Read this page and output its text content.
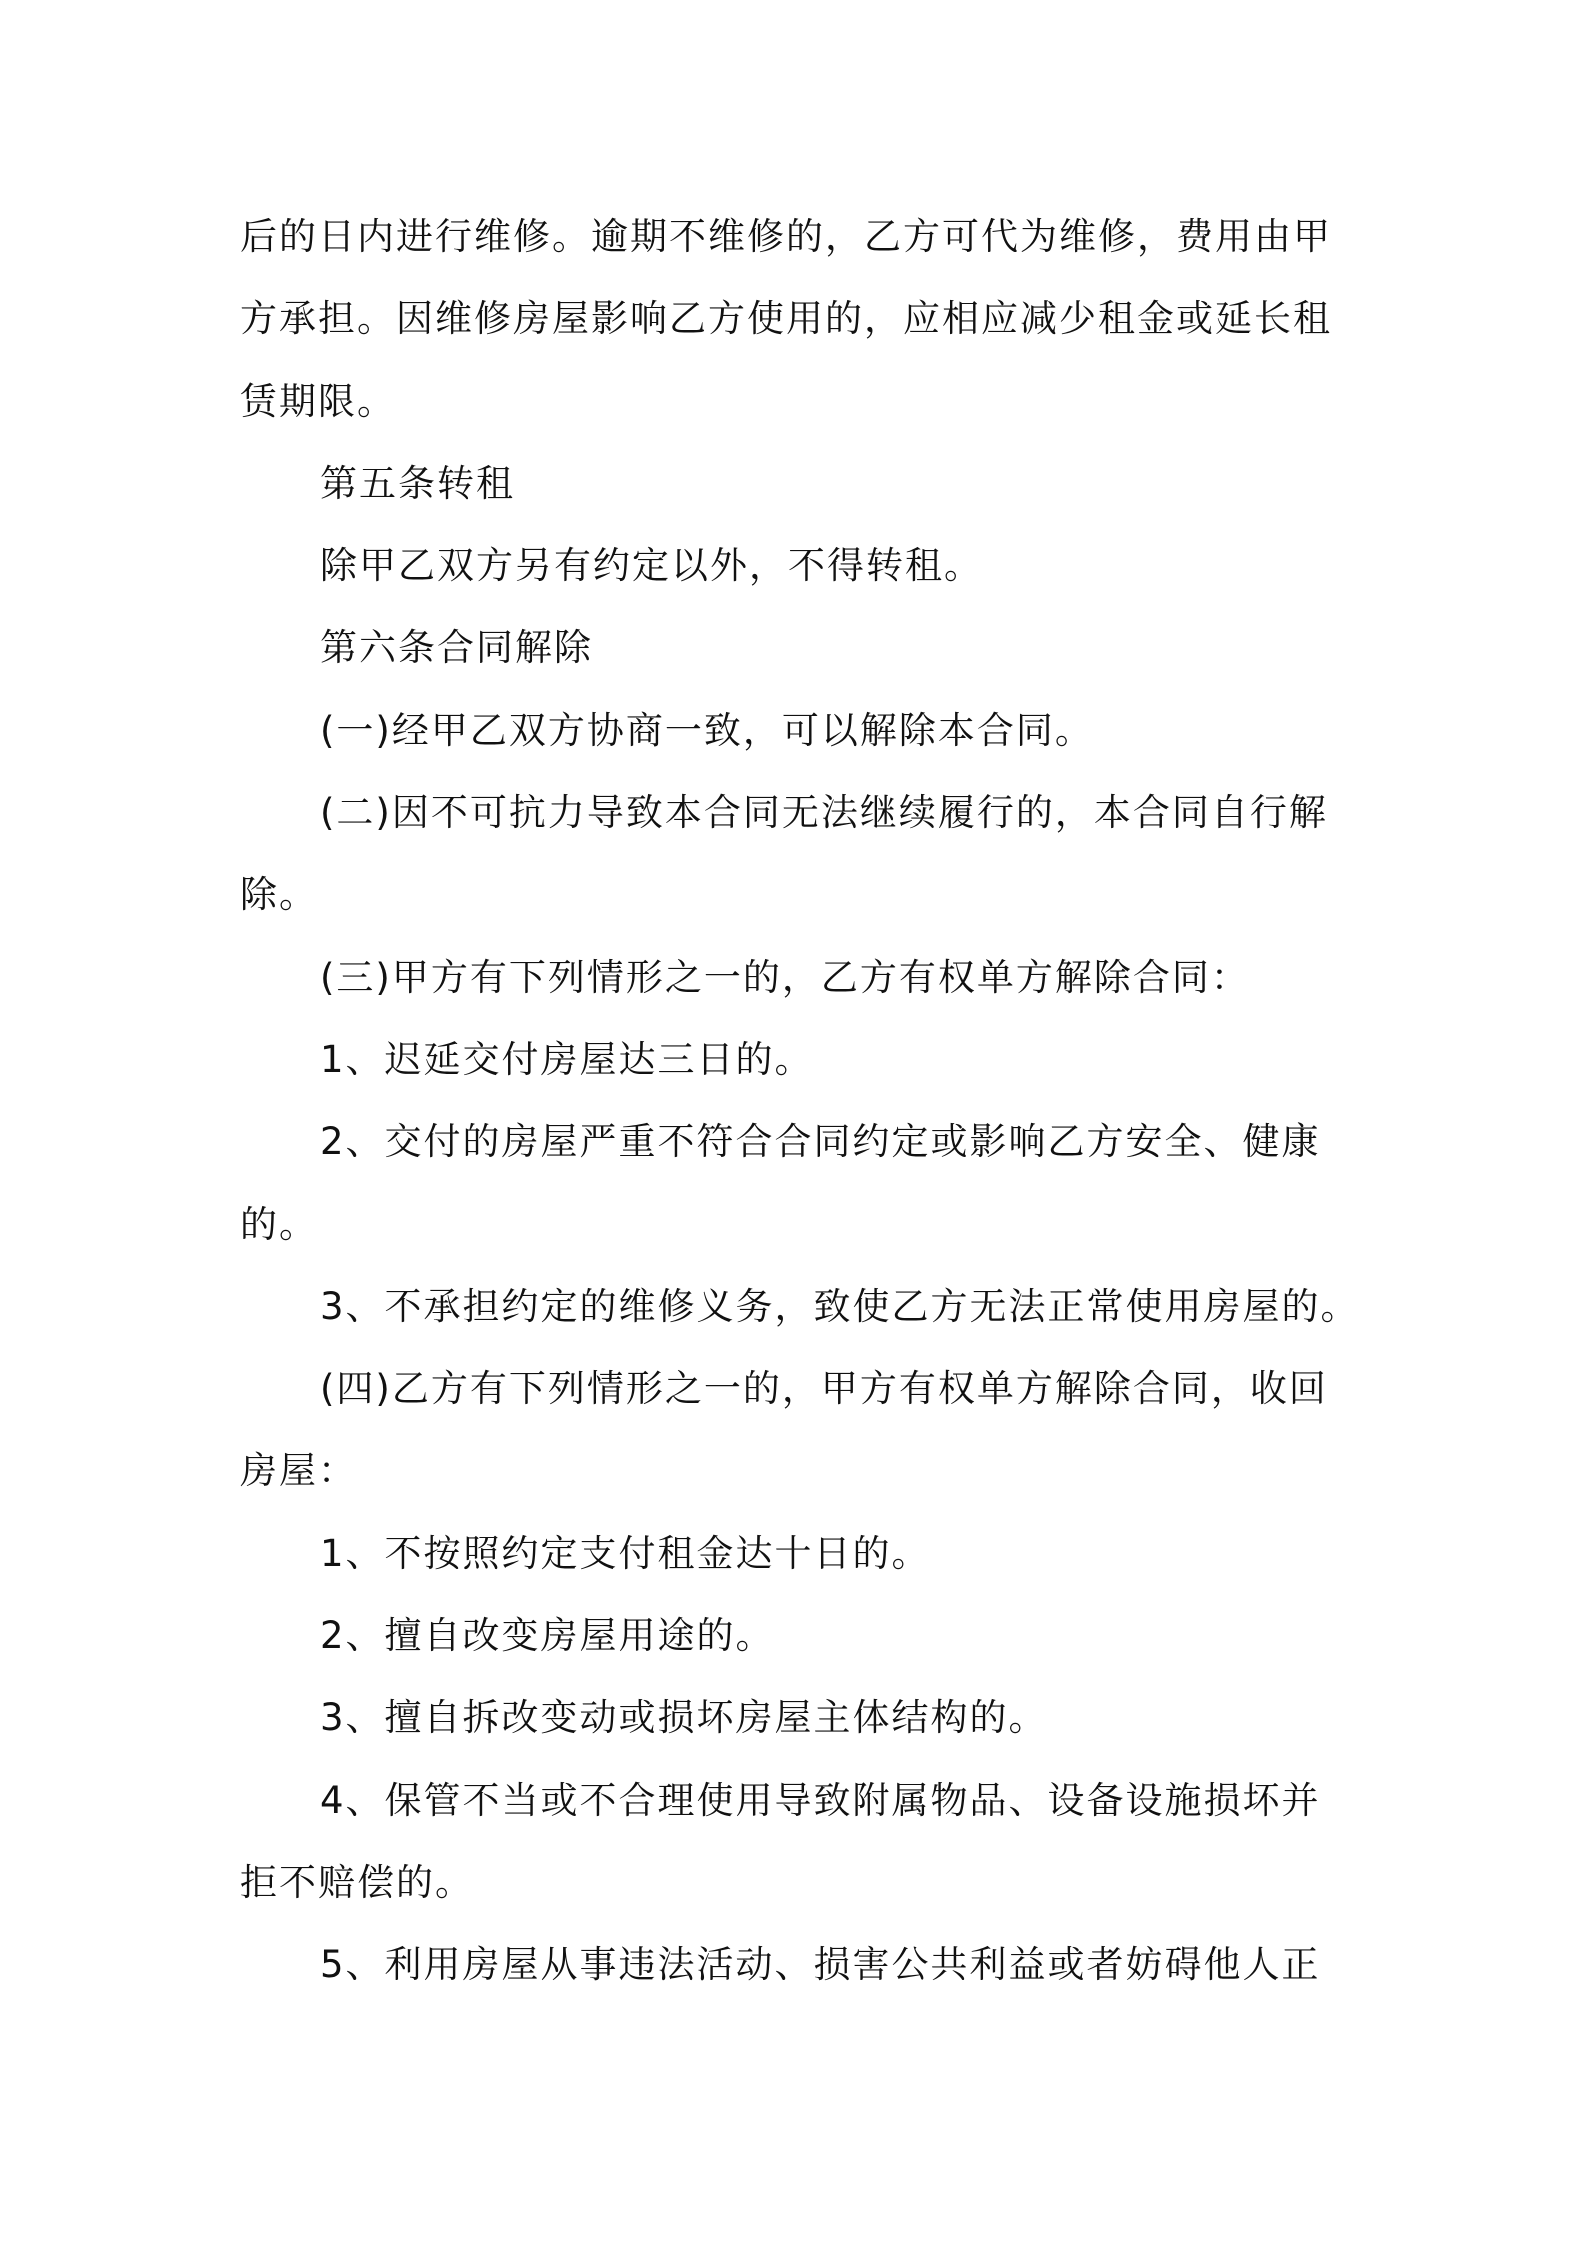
后的日内进行维修。逾期不维修的，乙方可代为维修，费用由甲
方承担。因维修房屋影响乙方使用的，应相应减少租金或延长租
赁期限。
第五条转租
除甲乙双方另有约定以外，不得转租。
第六条合同解除
(一)经甲乙双方协商一致，可以解除本合同。
(二)因不可抗力导致本合同无法继续履行的，本合同自行解
除。
(三)甲方有下列情形之一的，乙方有权单方解除合同：
1、迟延交付房屋达三日的。
2、交付的房屋严重不符合合同约定或影响乙方安全、健康
的。
3、不承担约定的维修义务，致使乙方无法正常使用房屋的。
(四)乙方有下列情形之一的，甲方有权单方解除合同，收回
房屋：
1、不按照约定支付租金达十日的。
2、擅自改变房屋用途的。
3、擅自拆改变动或损坏房屋主体结构的。
4、保管不当或不合理使用导致附属物品、设备设施损坏并
拒不赔偿的。
5、利用房屋从事违法活动、损害公共利益或者妨碍他人正
